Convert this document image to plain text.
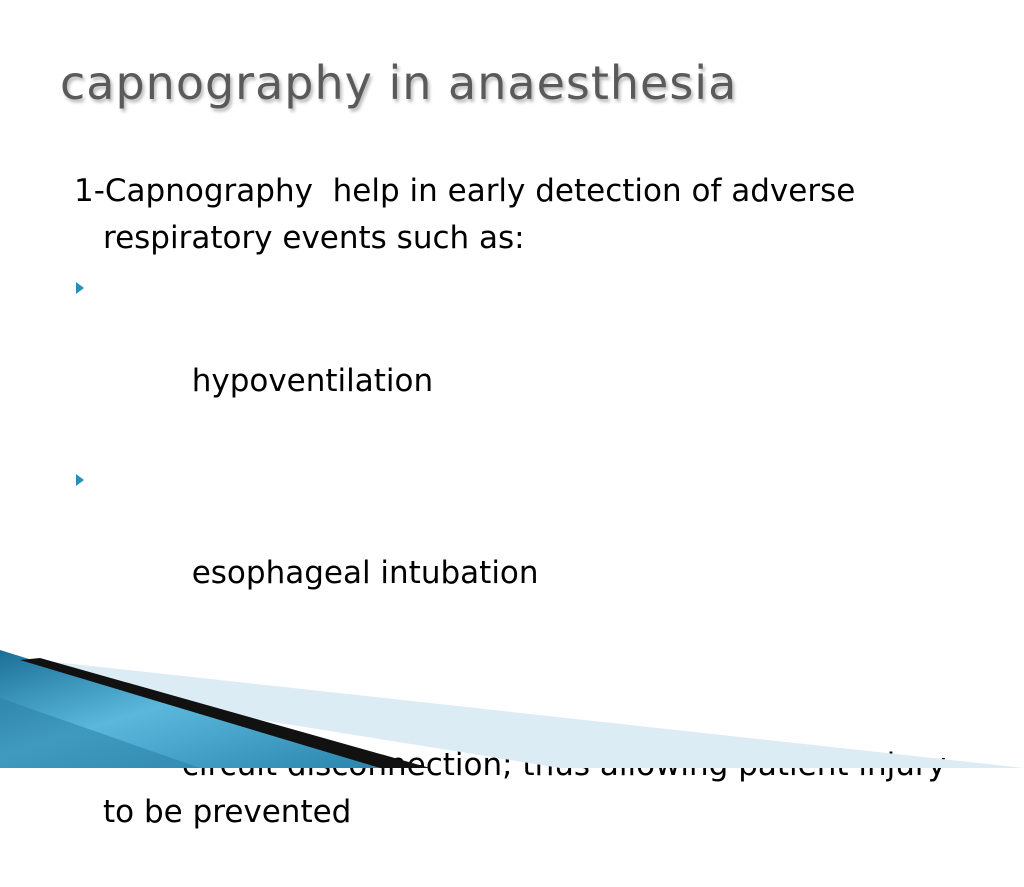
capnography in anaesthesia

1-Capnography  help in early detection of adverse respiratory events such as:

hypoventilation

esophageal intubation

to be prevented
